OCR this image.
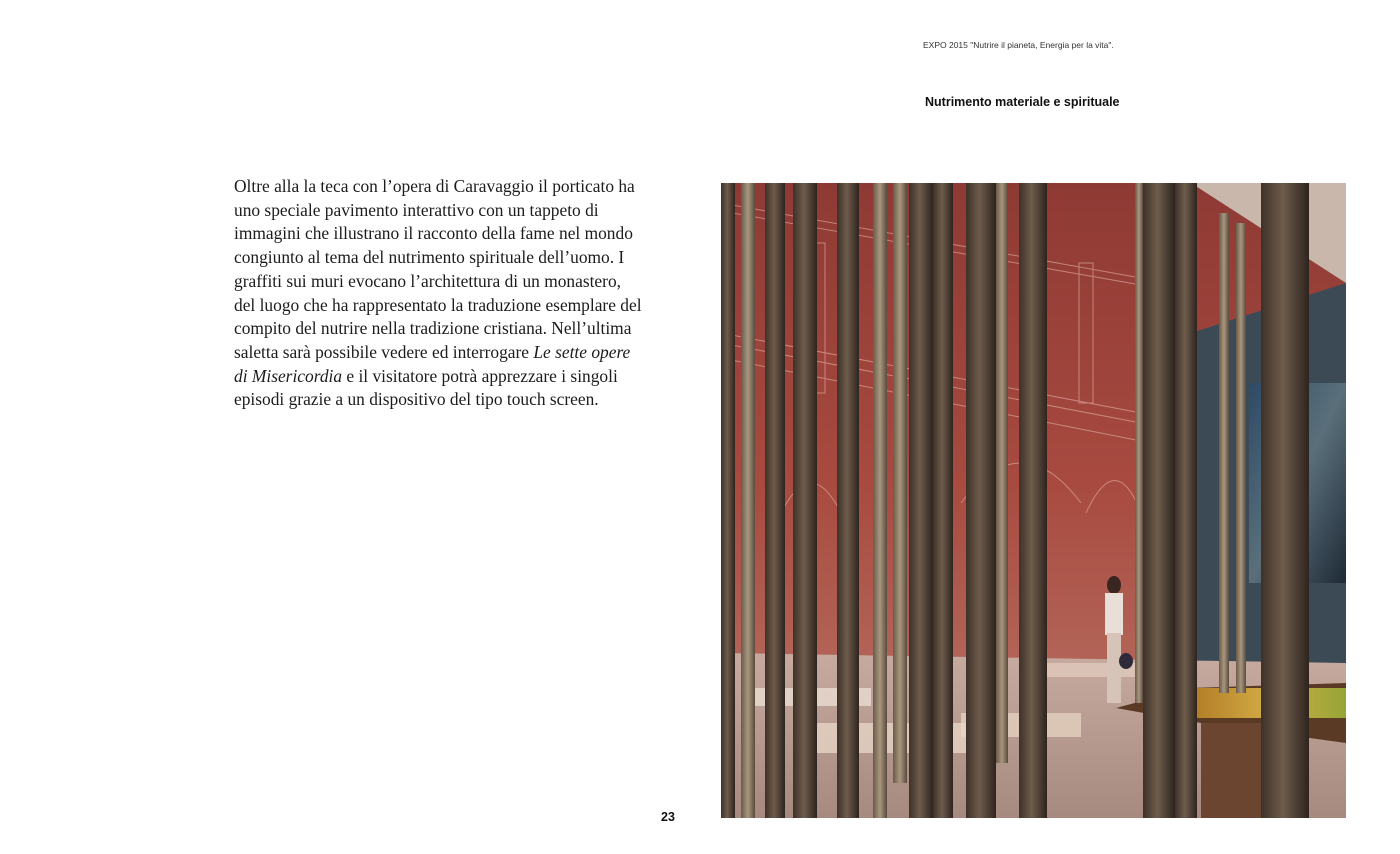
EXPO 2015 "Nutrire il pianeta, Energia per la vita".
Nutrimento materiale e spirituale

Oltre alla la teca con l’opera di Caravaggio il porticato ha
uno speciale pavimento interattivo con un tappeto di
immagini che illustrano il racconto della fame nel mondo
congiunto al tema del nutrimento spirituale dell’uomo. I
graffiti sui muri evocano l’architettura di un monastero,
del luogo che ha rappresentato la traduzione esemplare del
compito del nutrire nella tradizione cristiana. Nell’ultima
saletta sarà possibile vedere ed interrogare Le sette opere
di Misericordia e il visitatore potrà apprezzare i singoli
episodi grazie a un dispositivo del tipo touch screen.

23
